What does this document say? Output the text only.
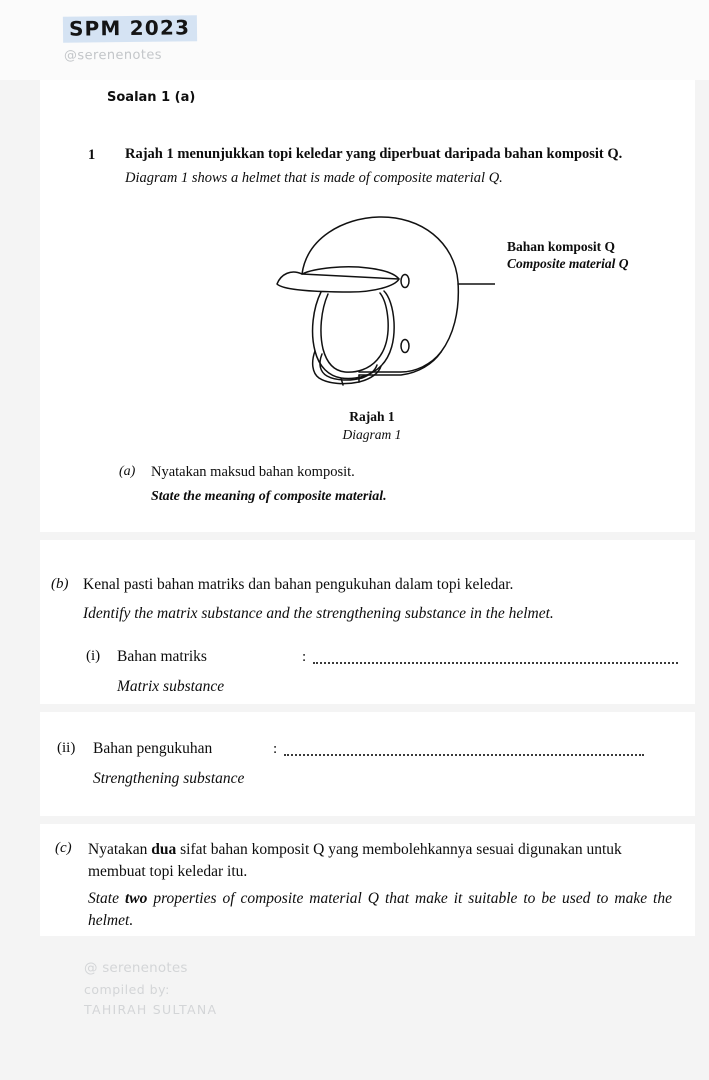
SPM 2023
@serenenotes
Soalan 1 (a)
1 Rajah 1 menunjukkan topi keledar yang diperbuat daripada bahan komposit Q.
Diagram 1 shows a helmet that is made of composite material Q.
Bahan komposit Q
Composite material Q
Rajah 1
Diagram 1
(a) Nyatakan maksud bahan komposit.
State the meaning of composite material.
(b) Kenal pasti bahan matriks dan bahan pengukuhan dalam topi keledar.
Identify the matrix substance and the strengthening substance in the helmet.
(i) Bahan matriks
Matrix substance
:
(ii) Bahan pengukuhan
Strengthening substance
:
(c) Nyatakan dua sifat bahan komposit Q yang membolehkannya sesuai digunakan untuk membuat topi keledar itu.
State two properties of composite material Q that make it suitable to be used to make the helmet.
@ serenenotes
compiled by:
TAHIRAH SULTANA
